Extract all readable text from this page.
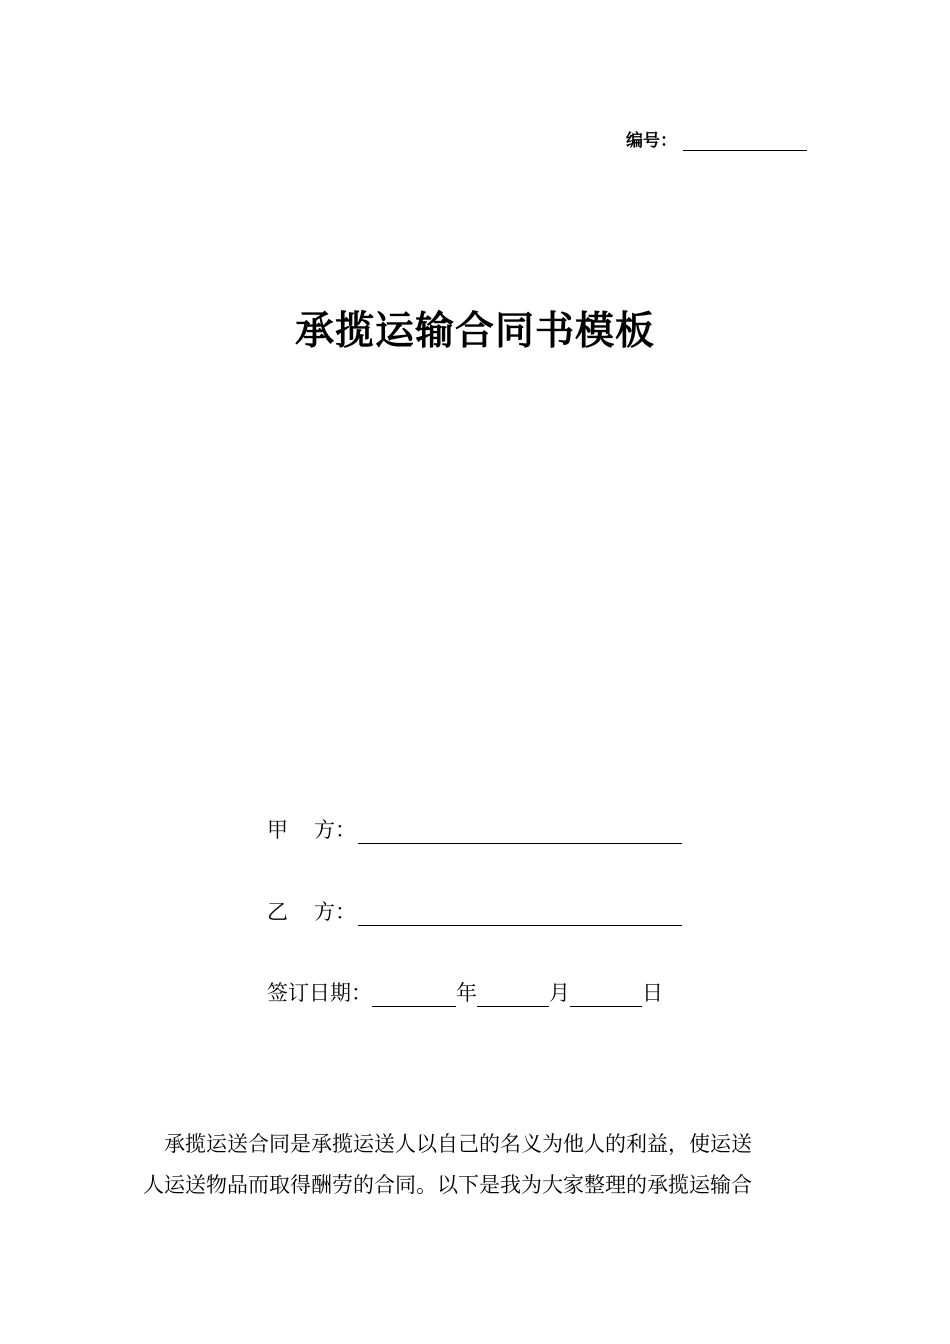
编号：
承揽运输合同书模板
甲 方：
乙 方：
签订日期：	年	月	日
承揽运送合同是承揽运送人以自己的名义为他人的利益，使运送
人运送物品而取得酬劳的合同。以下是我为大家整理的承揽运输合
